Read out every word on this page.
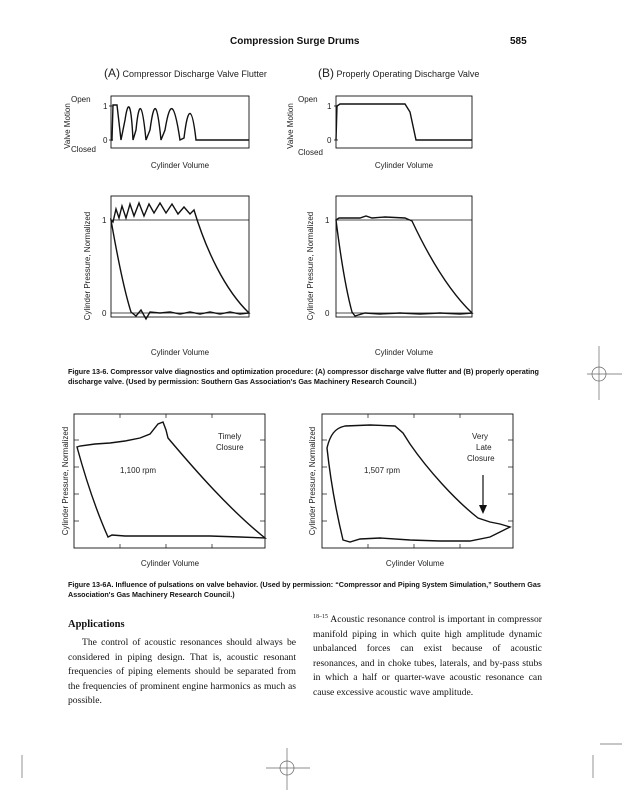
Compression Surge Drums	585
(A) Compressor Discharge Valve Flutter	(B) Properly Operating Discharge Valve
Open
Closed
1
0
Valve Motion
Cylinder Volume
Open
Closed
1
0
Valve Motion
Cylinder Volume
1
0
Cylinder Pressure, Normalized
Cylinder Volume
1
0
Cylinder Pressure, Normalized
Cylinder Volume
Timely
Closure
1,100 rpm
Cylinder Pressure, Normalized
Cylinder Volume
Very
Late
Closure
1,507 rpm
Cylinder Pressure, Normalized
Cylinder Volume
Figure 13-6. Compressor valve diagnostics and optimization procedure: (A) compressor discharge valve flutter and (B) properly operating discharge valve. (Used by permission: Southern Gas Association's Gas Machinery Research Council.)
Figure 13-6A. Influence of pulsations on valve behavior. (Used by permission: “Compressor and Piping System Simulation,” Southern Gas Association's Gas Machinery Research Council.)
Applications

The control of acoustic resonances should always be considered in piping design. That is, acoustic resonant frequencies of piping elements should be separated from the frequencies of prominent engine harmonics as much as possible.

$^{18-15}$ Acoustic resonance control is important in compressor manifold piping in which quite high amplitude dynamic unbalanced forces can exist because of acoustic resonances, and in choke tubes, laterals, and by-pass stubs in which a half or quarter-wave acoustic resonance can cause excessive acoustic wave amplitude.
